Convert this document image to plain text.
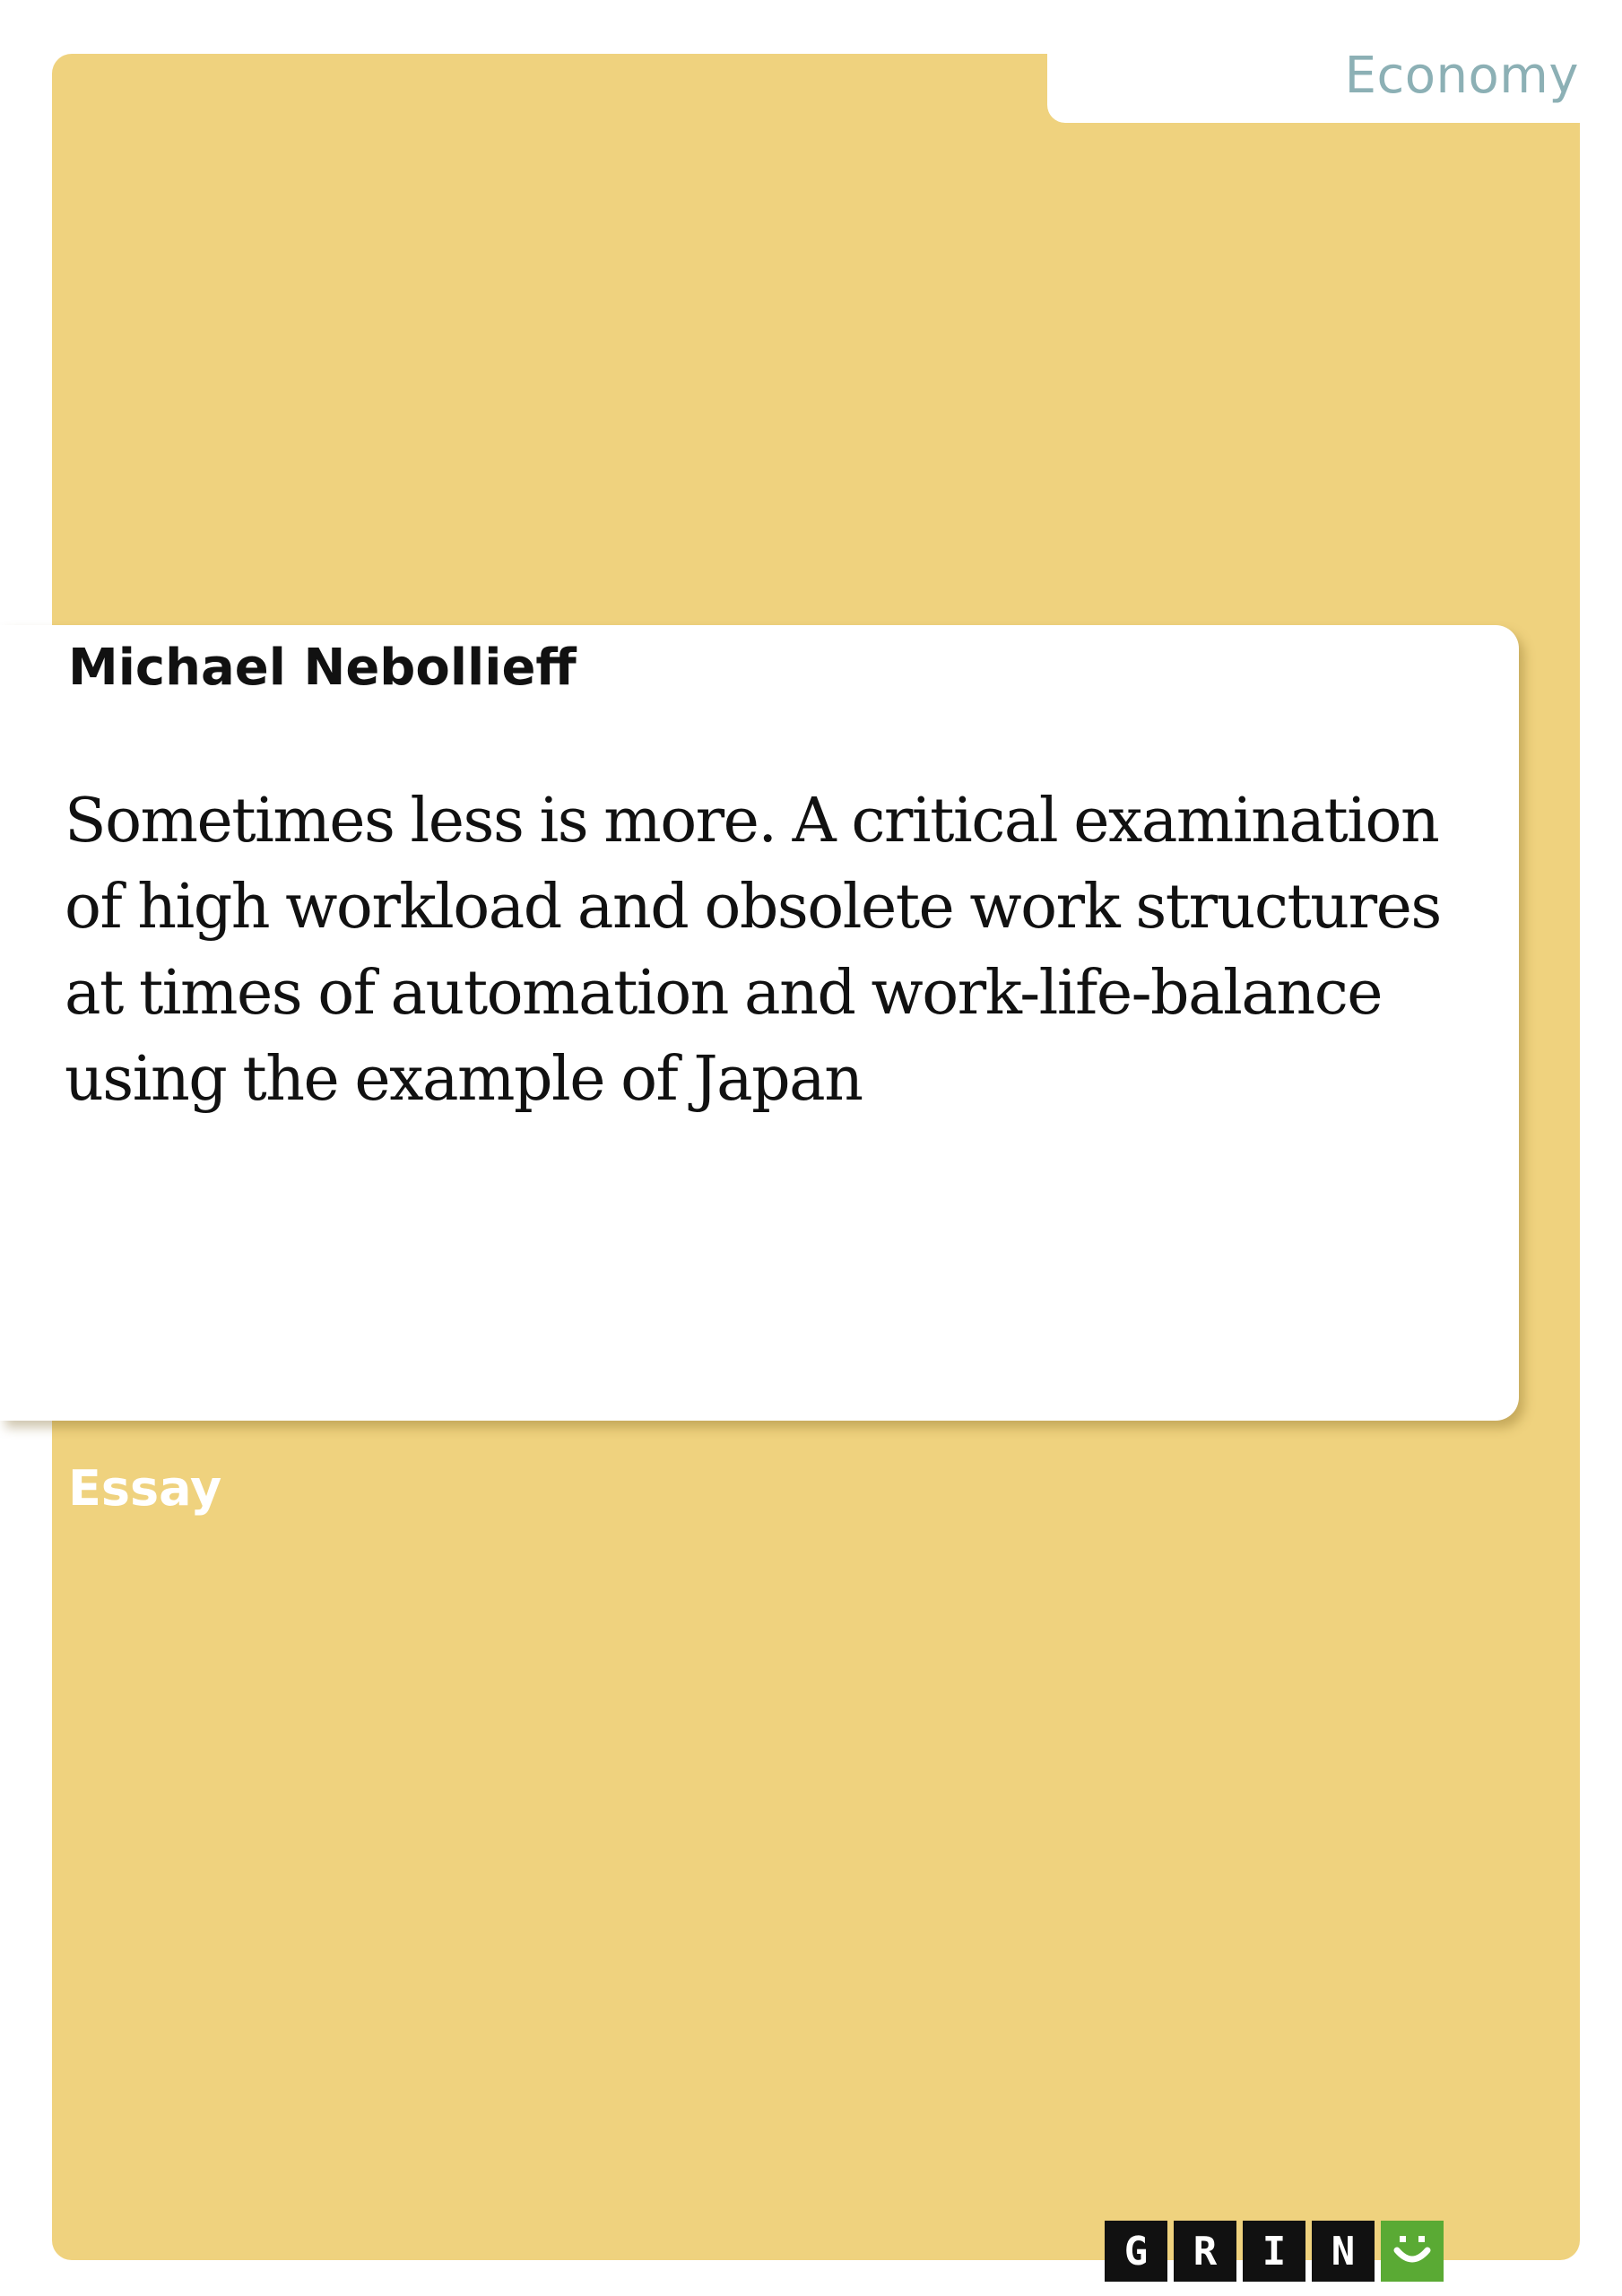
Economy
Michael Nebollieff
Sometimes less is more. A critical examination of high workload and obsolete work structures at times of automation and work-life-balance using the example of Japan
Essay
G	R	I	N
